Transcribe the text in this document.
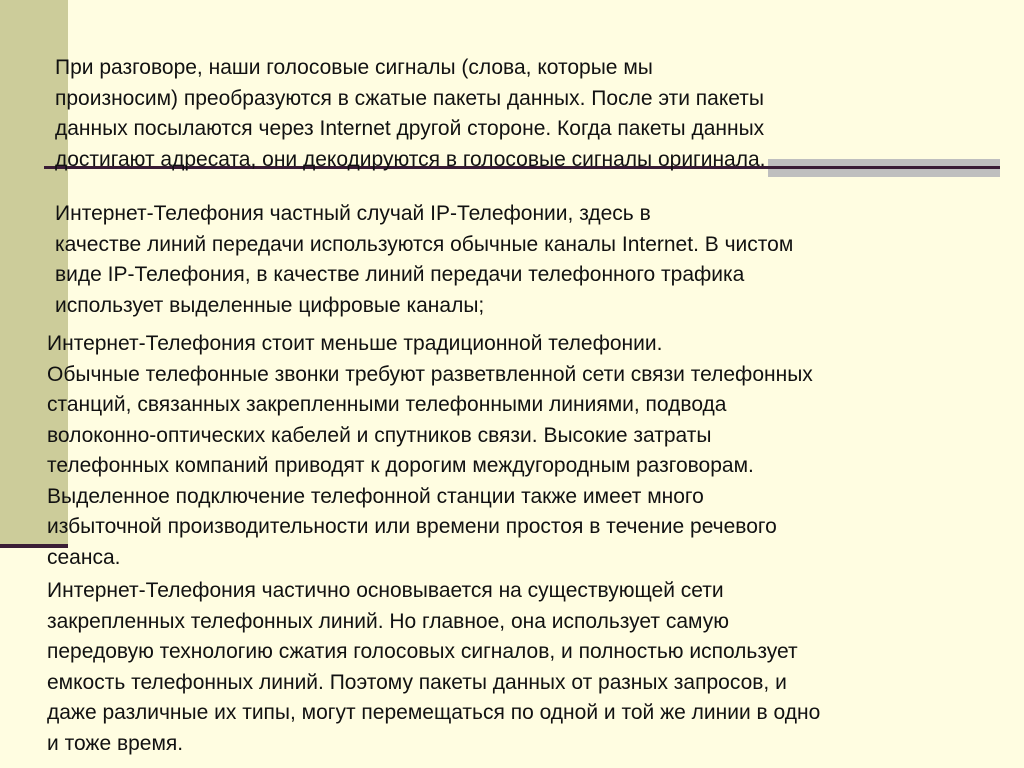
При разговоре, наши голосовые сигналы (слова, которые мы
произносим) преобразуются в сжатые пакеты данных. После эти пакеты
данных посылаются через Internet другой стороне. Когда пакеты данных
достигают адресата, они декодируются в голосовые сигналы оригинала.

Интернет-Телефония частный случай IP-Телефонии, здесь в
качестве линий передачи используются обычные каналы Internet. В чистом
виде IP-Телефония, в качестве линий передачи телефонного трафика
использует выделенные цифровые каналы;

Интернет-Телефония стоит меньше традиционной телефонии.
Обычные телефонные звонки требуют разветвленной сети связи телефонных
станций, связанных закрепленными телефонными линиями, подвода
волоконно-оптических кабелей и спутников связи. Высокие затраты
телефонных компаний приводят к дорогим междугородным разговорам.
Выделенное подключение телефонной станции также имеет много
избыточной производительности или времени простоя в течение речевого
сеанса.

Интернет-Телефония частично основывается на существующей сети
закрепленных телефонных линий. Но главное, она использует самую
передовую технологию сжатия голосовых сигналов, и полностью использует
емкость телефонных линий. Поэтому пакеты данных от разных запросов, и
даже различные их типы, могут перемещаться по одной и той же линии в одно
и тоже время.
